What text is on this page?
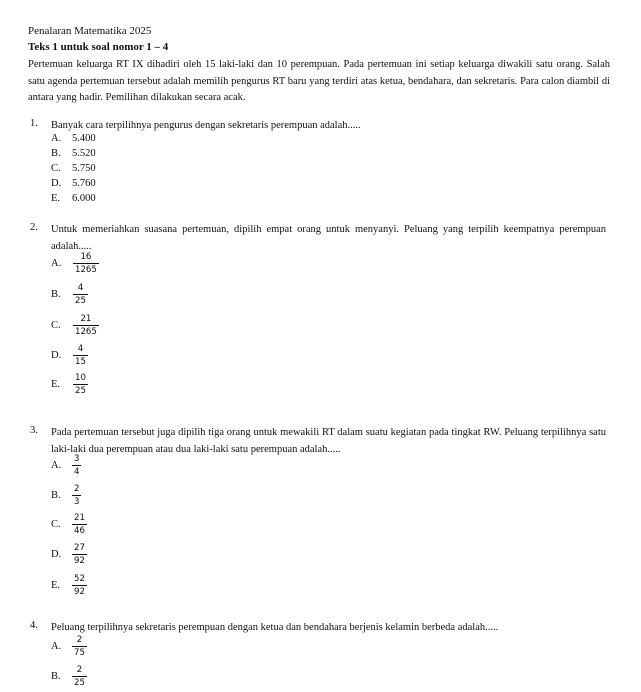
Penalaran Matematika 2025
Teks 1 untuk soal nomor 1 – 4
Pertemuan keluarga RT IX dihadiri oleh 15 laki-laki dan 10 perempuan. Pada pertemuan ini setiap keluarga diwakili satu orang. Salah satu agenda pertemuan tersebut adalah memilih pengurus RT baru yang terdiri atas ketua, bendahara, dan sekretaris. Para calon diambil di antara yang hadir. Pemilihan dilakukan secara acak.
1. Banyak cara terpilihnya pengurus dengan sekretaris perempuan adalah.....
A. 5.400
B. 5.520
C. 5.750
D. 5.760
E. 6.000
2. Untuk memeriahkan suasana pertemuan, dipilih empat orang untuk menyanyi. Peluang yang terpilih keempatnya perempuan adalah.....
A. $\frac{16}{1265}$
B. $\frac{4}{25}$
C. $\frac{21}{1265}$
D. $\frac{4}{15}$
E. $\frac{10}{25}$
3. Pada pertemuan tersebut juga dipilih tiga orang untuk mewakili RT dalam suatu kegiatan pada tingkat RW. Peluang terpilihnya satu laki-laki dua perempuan atau dua laki-laki satu perempuan adalah.....
A. $\frac{3}{4}$
B. $\frac{2}{3}$
C. $\frac{21}{46}$
D. $\frac{27}{92}$
E. $\frac{52}{92}$
4. Peluang terpilihnya sekretaris perempuan dengan ketua dan bendahara berjenis kelamin berbeda adalah.....
A. $\frac{2}{75}$
B. $\frac{2}{25}$
